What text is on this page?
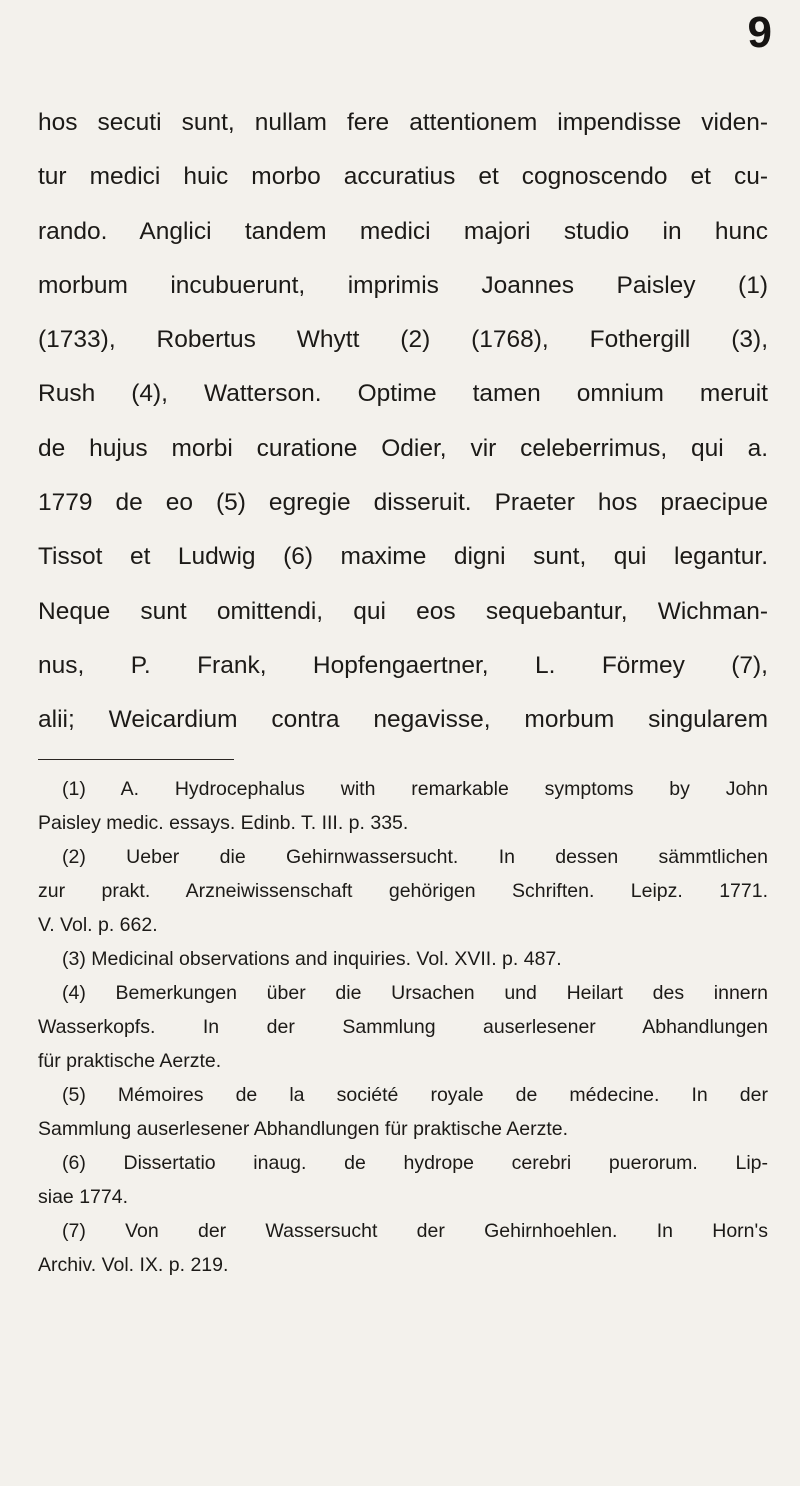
9
hos secuti sunt, nullam fere attentionem impendisse viden-
tur medici huic morbo accuratius et cognoscendo et cu-
rando. Anglici tandem medici majori studio in hunc
morbum incubuerunt, imprimis Joannes Paisley (1)
(1733), Robertus Whytt (2) (1768), Fothergill (3),
Rush (4), Watterson. Optime tamen omnium meruit
de hujus morbi curatione Odier, vir celeberrimus, qui a.
1779 de eo (5) egregie disseruit. Praeter hos praecipue
Tissot et Ludwig (6) maxime digni sunt, qui legantur.
Neque sunt omittendi, qui eos sequebantur, Wichman-
nus, P. Frank, Hopfengaertner, L. Förmey (7),
alii; Weicardium contra negavisse, morbum singularem
(1) A. Hydrocephalus with remarkable symptoms by John
Paisley medic. essays. Edinb. T. III. p. 335.
(2) Ueber die Gehirnwassersucht. In dessen sämmtlichen
zur prakt. Arzneiwissenschaft gehörigen Schriften. Leipz. 1771.
V. Vol. p. 662.
(3) Medicinal observations and inquiries. Vol. XVII. p. 487.
(4) Bemerkungen über die Ursachen und Heilart des innern
Wasserkopfs. In der Sammlung auserlesener Abhandlungen
für praktische Aerzte.
(5) Mémoires de la société royale de médecine. In der
Sammlung auserlesener Abhandlungen für praktische Aerzte.
(6) Dissertatio inaug. de hydrope cerebri puerorum. Lip-
siae 1774.
(7) Von der Wassersucht der Gehirnhoehlen. In Horn's
Archiv. Vol. IX. p. 219.
